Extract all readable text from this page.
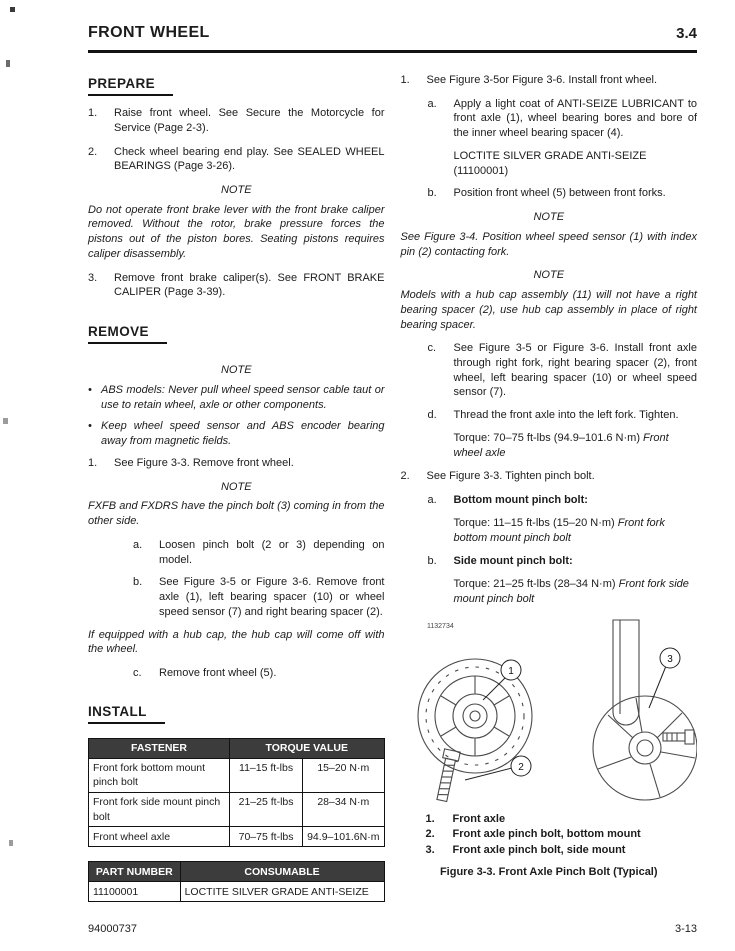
FRONT WHEEL	3.4
PREPARE
1.	Raise front wheel. See Secure the Motorcycle for Service (Page 2-3).
2.	Check wheel bearing end play. See SEALED WHEEL BEARINGS (Page 3-26).
NOTE
Do not operate front brake lever with the front brake caliper removed. Without the rotor, brake pressure forces the pistons out of the piston bores. Seating pistons requires caliper disassembly.
3.	Remove front brake caliper(s). See FRONT BRAKE CALIPER (Page 3-39).
REMOVE
NOTE
• ABS models: Never pull wheel speed sensor cable taut or use to retain wheel, axle or other components.
• Keep wheel speed sensor and ABS encoder bearing away from magnetic fields.
1.	See Figure 3-3. Remove front wheel.
NOTE
FXFB and FXDRS have the pinch bolt (3) coming in from the other side.
a.	Loosen pinch bolt (2 or 3) depending on model.
b.	See Figure 3-5 or Figure 3-6. Remove front axle (1), left bearing spacer (10) or wheel speed sensor (7) and right bearing spacer (2).
If equipped with a hub cap, the hub cap will come off with the wheel.
c.	Remove front wheel (5).
INSTALL
FASTENER	TORQUE VALUE	
Front fork bottom mount pinch bolt	11–15 ft-lbs	15–20 N·m
Front fork side mount pinch bolt	21–25 ft-lbs	28–34 N·m
Front wheel axle	70–75 ft-lbs	94.9–101.6N·m
PART NUMBER	CONSUMABLE
11100001	LOCTITE SILVER GRADE ANTI-SEIZE
1.	See Figure 3-5or Figure 3-6. Install front wheel.
a.	Apply a light coat of ANTI-SEIZE LUBRICANT to front axle (1), wheel bearing bores and bore of the inner wheel bearing spacer (4).
LOCTITE SILVER GRADE ANTI-SEIZE (11100001)
b.	Position front wheel (5) between front forks.
NOTE
See Figure 3-4. Position wheel speed sensor (1) with index pin (2) contacting fork.
NOTE
Models with a hub cap assembly (11) will not have a right bearing spacer (2), use hub cap assembly in place of right bearing spacer.
c.	See Figure 3-5 or Figure 3-6. Install front axle through right fork, right bearing spacer (2), front wheel, left bearing spacer (10) or wheel speed sensor (7).
d.	Thread the front axle into the left fork. Tighten.
Torque: 70–75 ft-lbs (94.9–101.6 N·m) Front wheel axle
2.	See Figure 3-3. Tighten pinch bolt.
a.	Bottom mount pinch bolt:
Torque: 11–15 ft-lbs (15–20 N·m) Front fork bottom mount pinch bolt
b.	Side mount pinch bolt:
Torque: 21–25 ft-lbs (28–34 N·m) Front fork side mount pinch bolt
1132734
1
2
3
1.	Front axle
2.	Front axle pinch bolt, bottom mount
3.	Front axle pinch bolt, side mount
Figure 3-3. Front Axle Pinch Bolt (Typical)
94000737	3-13
